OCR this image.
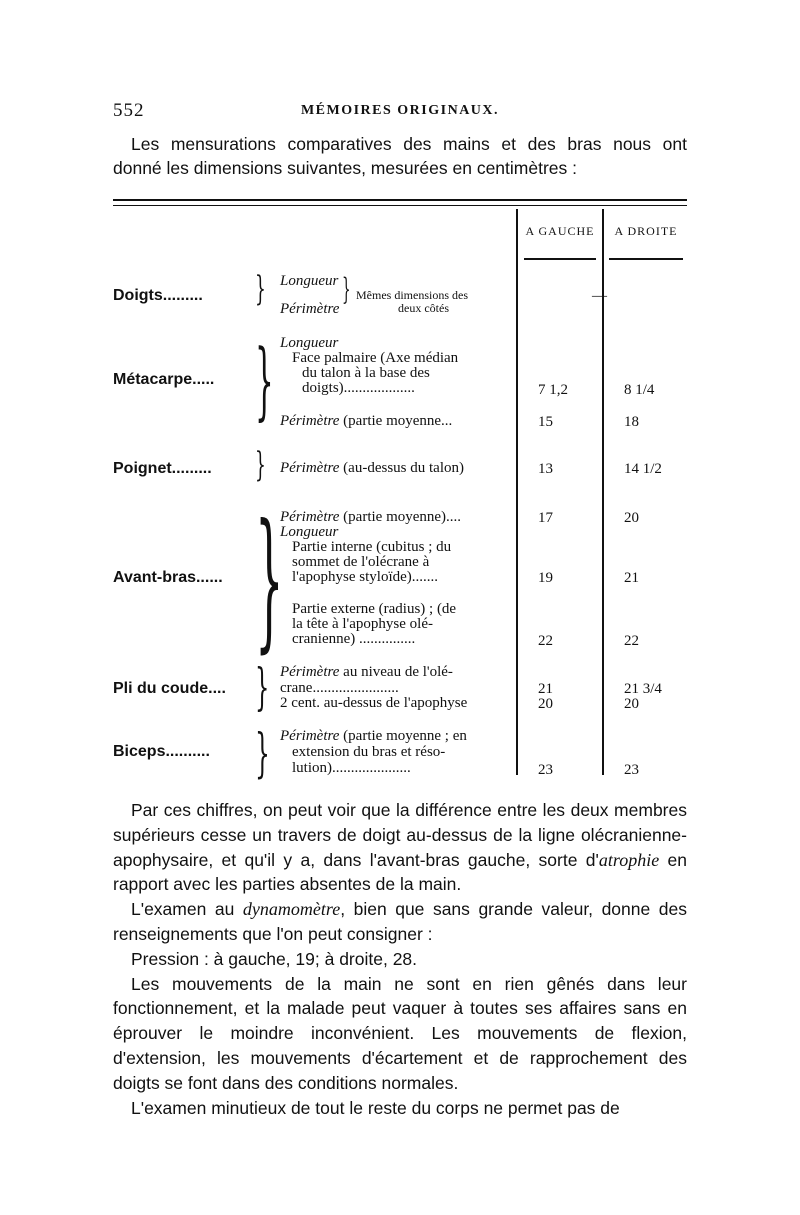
552	MÉMOIRES ORIGINAUX.
Les mensurations comparatives des mains et des bras nous ont
donné les dimensions suivantes, mesurées en centimètres :
A GAUCHE	A DROITE
Doigts......... } Longueur
Périmètre
} Mêmes dimensions des
deux côtés
—
Métacarpe..... } Longueur
Face palmaire (Axe médian
du talon à la base des
doigts)...................	7 1,2	8 1/4
Périmètre (partie moyenne...	15	18
Poignet......... } Périmètre (au-dessus du talon)	13	14 1/2
Avant-bras...... }
Périmètre (partie moyenne)....	17	20
Longueur
Partie interne (cubitus ; du
sommet de l'olécrane à
l'apophyse styloïde).......	19	21
Partie externe (radius) ; (de
la tête à l'apophyse olé-
cranienne) ...............	22	22
Pli du coude.... } Périmètre au niveau de l'olé-
crane.......................	21	21 3/4
2 cent. au-dessus de l'apophyse	20	20
Biceps.......... } Périmètre (partie moyenne ; en
extension du bras et réso-
lution).....................	23	23

Par ces chiffres, on peut voir que la différence entre les deux membres supérieurs cesse un travers de doigt au-dessus de la ligne olécranienne-apophysaire, et qu'il y a, dans l'avant-bras gauche, sorte d'atrophie en rapport avec les parties absentes de la main.

L'examen au dynamomètre, bien que sans grande valeur, donne des renseignements que l'on peut consigner :

Pression : à gauche, 19; à droite, 28.

Les mouvements de la main ne sont en rien gênés dans leur fonctionnement, et la malade peut vaquer à toutes ses affaires sans en éprouver le moindre inconvénient. Les mouvements de flexion, d'extension, les mouvements d'écartement et de rapprochement des doigts se font dans des conditions normales.

L'examen minutieux de tout le reste du corps ne permet pas de
